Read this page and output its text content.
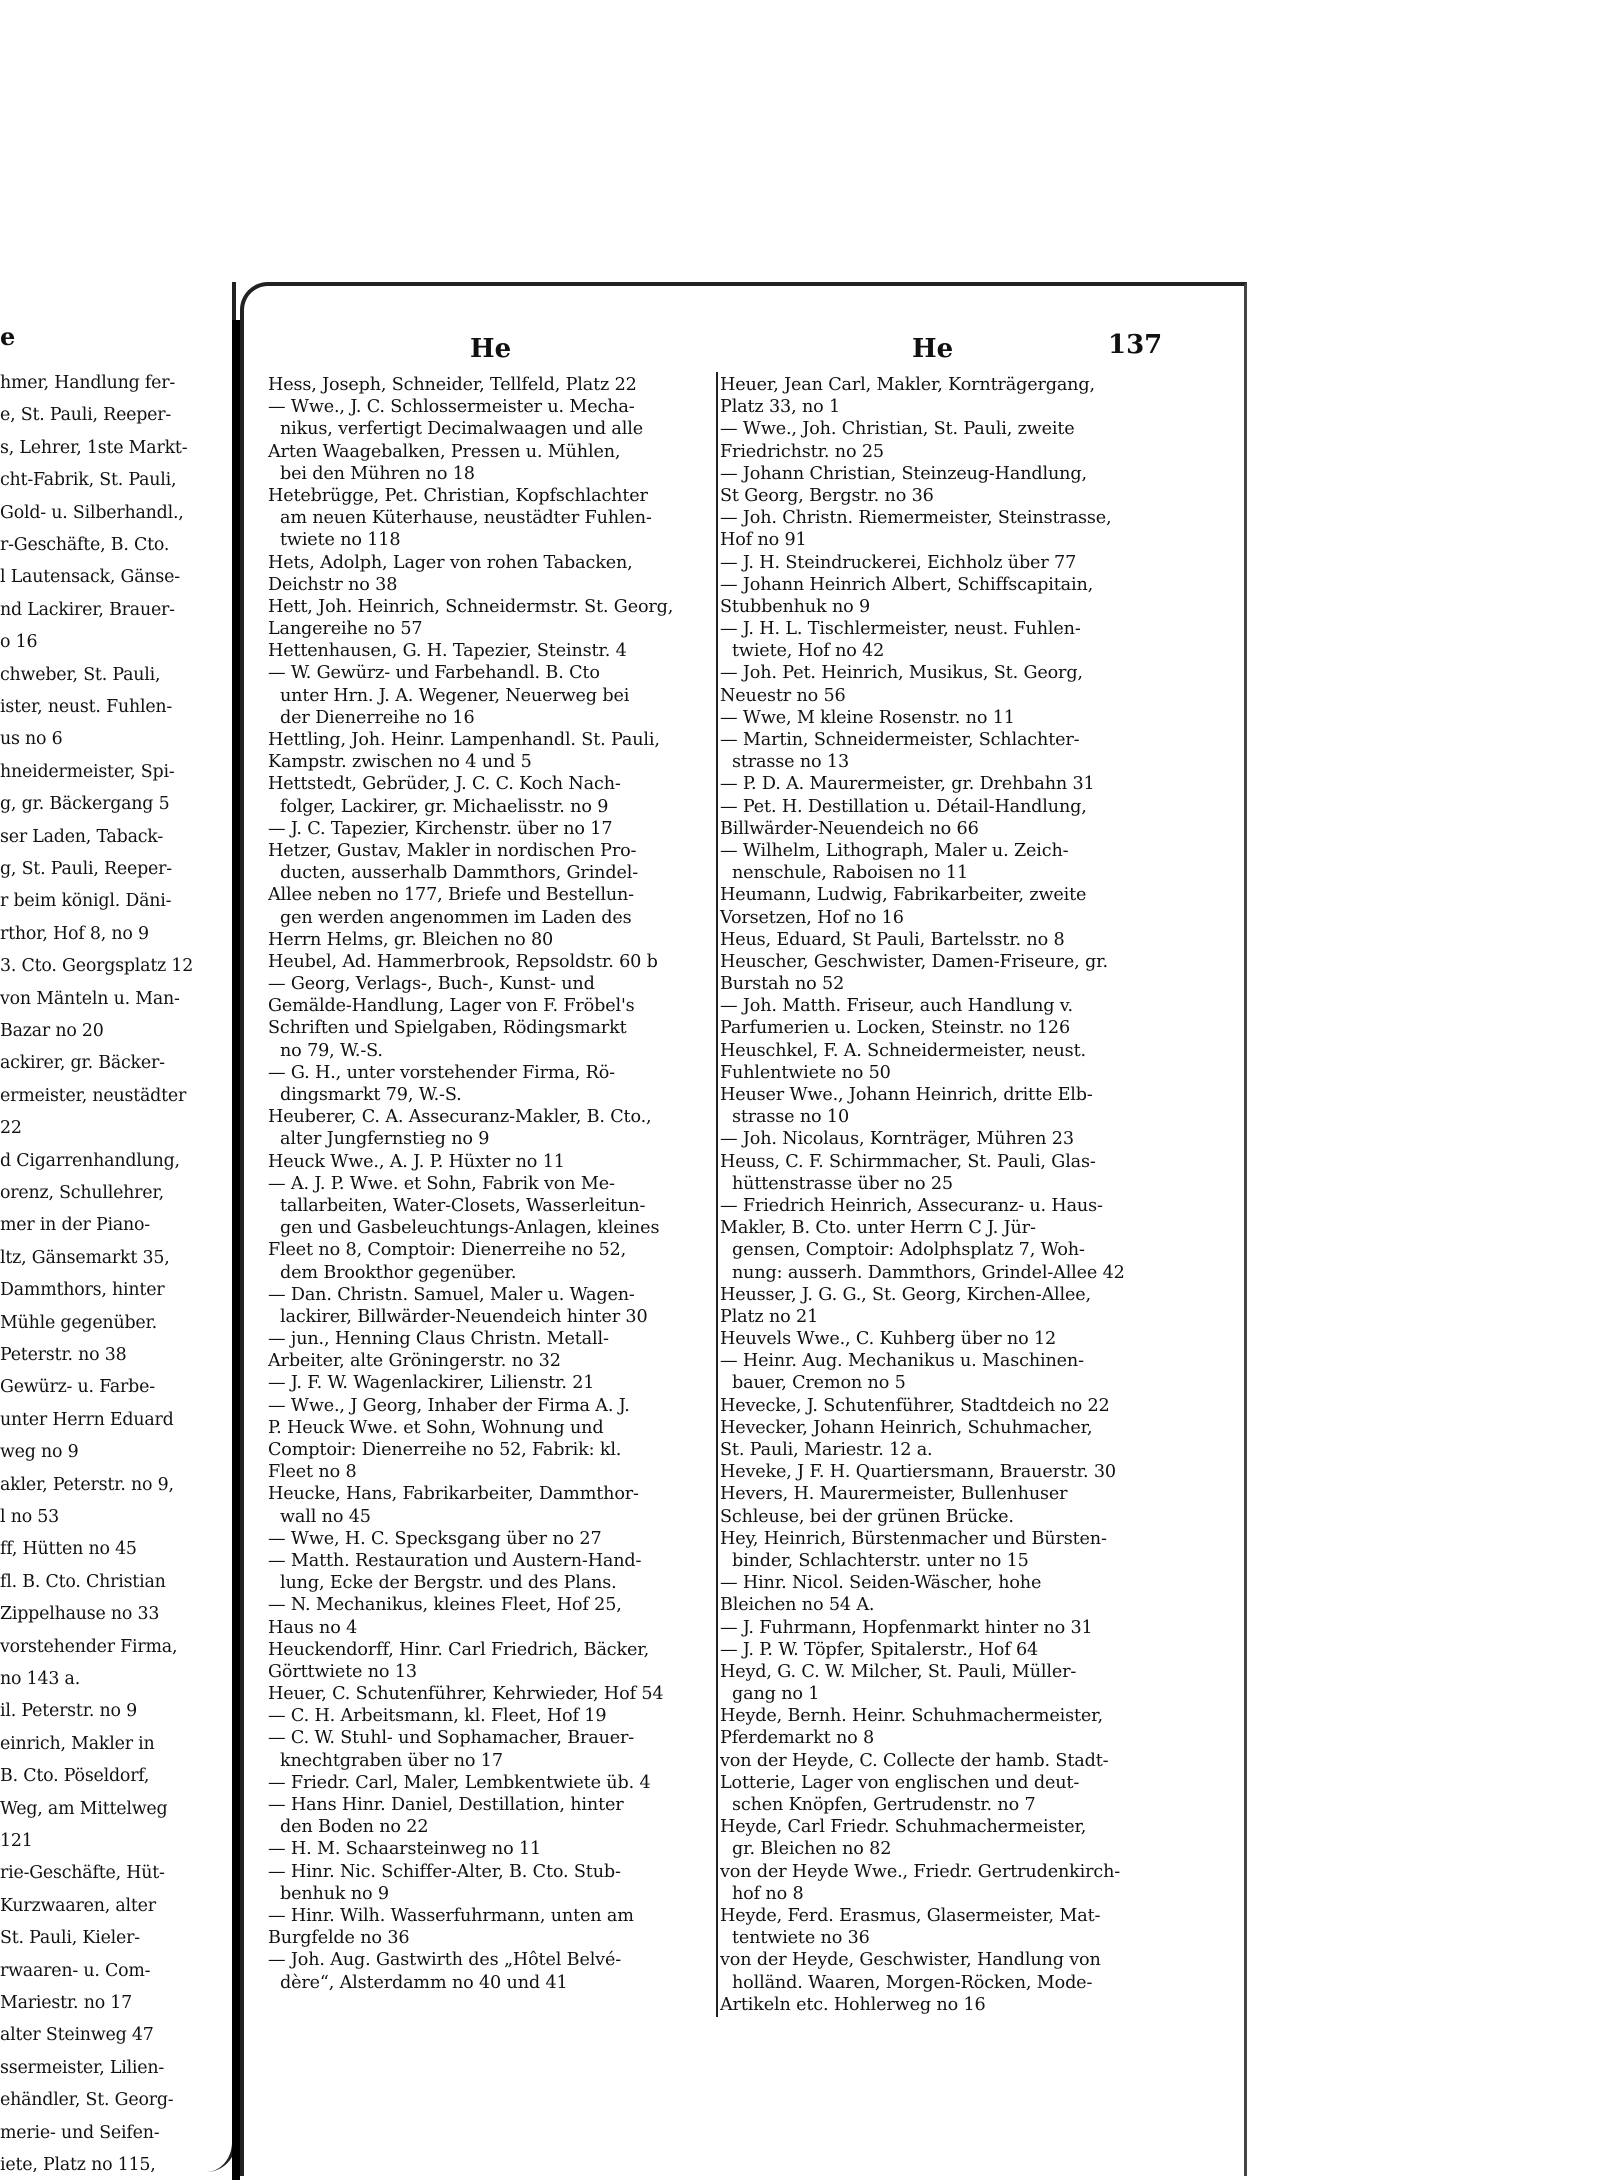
e
hmer, Handlung fer-
e, St. Pauli, Reeper-
s, Lehrer, 1ste Markt-
cht-Fabrik, St. Pauli,
Gold- u. Silberhandl.,
r-Geschäfte, B. Cto.
l Lautensack, Gänse-
nd Lackirer, Brauer-
o 16
chweber, St. Pauli,
ister, neust. Fuhlen-
us no 6
hneidermeister, Spi-
g, gr. Bäckergang 5
ser Laden, Taback-
g, St. Pauli, Reeper-
r beim königl. Däni-
rthor, Hof 8, no 9
3. Cto. Georgsplatz 12
von Mänteln u. Man-
Bazar no 20
ackirer, gr. Bäcker-
ermeister, neustädter
22
d Cigarrenhandlung,
orenz, Schullehrer,
mer in der Piano-
ltz, Gänsemarkt 35,
Dammthors, hinter
Mühle gegenüber.
Peterstr. no 38
Gewürz- u. Farbe-
unter Herrn Eduard
weg no 9
akler, Peterstr. no 9,
l no 53
ff, Hütten no 45
fl. B. Cto. Christian
Zippelhause no 33
vorstehender Firma,
no 143 a.
il. Peterstr. no 9
einrich, Makler in
B. Cto. Pöseldorf,
Weg, am Mittelweg
121
rie-Geschäfte, Hüt-
Kurzwaaren, alter
St. Pauli, Kieler-
rwaaren- u. Com-
Mariestr. no 17
alter Steinweg 47
ssermeister, Lilien-
ehändler, St. Georg-
merie- und Seifen-
iete, Platz no 115,
He	He	137
Hess, Joseph, Schneider, Tellfeld, Platz 22
— Wwe., J. C. Schlossermeister u. Mecha-
nikus, verfertigt Decimalwaagen und alle
Arten Waagebalken, Pressen u. Mühlen,
bei den Mühren no 18
Hetebrügge, Pet. Christian, Kopfschlachter
am neuen Küterhause, neustädter Fuhlen-
twiete no 118
Hets, Adolph, Lager von rohen Tabacken,
Deichstr no 38
Hett, Joh. Heinrich, Schneidermstr. St. Georg,
Langereihe no 57
Hettenhausen, G. H. Tapezier, Steinstr. 4
— W. Gewürz- und Farbehandl. B. Cto
unter Hrn. J. A. Wegener, Neuerweg bei
der Dienerreihe no 16
Hettling, Joh. Heinr. Lampenhandl. St. Pauli,
Kampstr. zwischen no 4 und 5
Hettstedt, Gebrüder, J. C. C. Koch Nach-
folger, Lackirer, gr. Michaelisstr. no 9
— J. C. Tapezier, Kirchenstr. über no 17
Hetzer, Gustav, Makler in nordischen Pro-
ducten, ausserhalb Dammthors, Grindel-
Allee neben no 177, Briefe und Bestellun-
gen werden angenommen im Laden des
Herrn Helms, gr. Bleichen no 80
Heubel, Ad. Hammerbrook, Repsoldstr. 60 b
— Georg, Verlags-, Buch-, Kunst- und
Gemälde-Handlung, Lager von F. Fröbel's
Schriften und Spielgaben, Rödingsmarkt
no 79, W.-S.
— G. H., unter vorstehender Firma, Rö-
dingsmarkt 79, W.-S.
Heuberer, C. A. Assecuranz-Makler, B. Cto.,
alter Jungfernstieg no 9
Heuck Wwe., A. J. P. Hüxter no 11
— A. J. P. Wwe. et Sohn, Fabrik von Me-
tallarbeiten, Water-Closets, Wasserleitun-
gen und Gasbeleuchtungs-Anlagen, kleines
Fleet no 8, Comptoir: Dienerreihe no 52,
dem Brookthor gegenüber.
— Dan. Christn. Samuel, Maler u. Wagen-
lackirer, Billwärder-Neuendeich hinter 30
— jun., Henning Claus Christn. Metall-
Arbeiter, alte Gröningerstr. no 32
— J. F. W. Wagenlackirer, Lilienstr. 21
— Wwe., J Georg, Inhaber der Firma A. J.
P. Heuck Wwe. et Sohn, Wohnung und
Comptoir: Dienerreihe no 52, Fabrik: kl.
Fleet no 8
Heucke, Hans, Fabrikarbeiter, Dammthor-
wall no 45
— Wwe, H. C. Specksgang über no 27
— Matth. Restauration und Austern-Hand-
lung, Ecke der Bergstr. und des Plans.
— N. Mechanikus, kleines Fleet, Hof 25,
Haus no 4
Heuckendorff, Hinr. Carl Friedrich, Bäcker,
Görttwiete no 13
Heuer, C. Schutenführer, Kehrwieder, Hof 54
— C. H. Arbeitsmann, kl. Fleet, Hof 19
— C. W. Stuhl- und Sophamacher, Brauer-
knechtgraben über no 17
— Friedr. Carl, Maler, Lembkentwiete üb. 4
— Hans Hinr. Daniel, Destillation, hinter
den Boden no 22
— H. M. Schaarsteinweg no 11
— Hinr. Nic. Schiffer-Alter, B. Cto. Stub-
benhuk no 9
— Hinr. Wilh. Wasserfuhrmann, unten am
Burgfelde no 36
— Joh. Aug. Gastwirth des „Hôtel Belvé-
dère“, Alsterdamm no 40 und 41
Heuer, Jean Carl, Makler, Kornträgergang,
Platz 33, no 1
— Wwe., Joh. Christian, St. Pauli, zweite
Friedrichstr. no 25
— Johann Christian, Steinzeug-Handlung,
St Georg, Bergstr. no 36
— Joh. Christn. Riemermeister, Steinstrasse,
Hof no 91
— J. H. Steindruckerei, Eichholz über 77
— Johann Heinrich Albert, Schiffscapitain,
Stubbenhuk no 9
— J. H. L. Tischlermeister, neust. Fuhlen-
twiete, Hof no 42
— Joh. Pet. Heinrich, Musikus, St. Georg,
Neuestr no 56
— Wwe, M kleine Rosenstr. no 11
— Martin, Schneidermeister, Schlachter-
strasse no 13
— P. D. A. Maurermeister, gr. Drehbahn 31
— Pet. H. Destillation u. Détail-Handlung,
Billwärder-Neuendeich no 66
— Wilhelm, Lithograph, Maler u. Zeich-
nenschule, Raboisen no 11
Heumann, Ludwig, Fabrikarbeiter, zweite
Vorsetzen, Hof no 16
Heus, Eduard, St Pauli, Bartelsstr. no 8
Heuscher, Geschwister, Damen-Friseure, gr.
Burstah no 52
— Joh. Matth. Friseur, auch Handlung v.
Parfumerien u. Locken, Steinstr. no 126
Heuschkel, F. A. Schneidermeister, neust.
Fuhlentwiete no 50
Heuser Wwe., Johann Heinrich, dritte Elb-
strasse no 10
— Joh. Nicolaus, Kornträger, Mühren 23
Heuss, C. F. Schirmmacher, St. Pauli, Glas-
hüttenstrasse über no 25
— Friedrich Heinrich, Assecuranz- u. Haus-
Makler, B. Cto. unter Herrn C J. Jür-
gensen, Comptoir: Adolphsplatz 7, Woh-
nung: ausserh. Dammthors, Grindel-Allee 42
Heusser, J. G. G., St. Georg, Kirchen-Allee,
Platz no 21
Heuvels Wwe., C. Kuhberg über no 12
— Heinr. Aug. Mechanikus u. Maschinen-
bauer, Cremon no 5
Hevecke, J. Schutenführer, Stadtdeich no 22
Hevecker, Johann Heinrich, Schuhmacher,
St. Pauli, Mariestr. 12 a.
Heveke, J F. H. Quartiersmann, Brauerstr. 30
Hevers, H. Maurermeister, Bullenhuser
Schleuse, bei der grünen Brücke.
Hey, Heinrich, Bürstenmacher und Bürsten-
binder, Schlachterstr. unter no 15
— Hinr. Nicol. Seiden-Wäscher, hohe
Bleichen no 54 A.
— J. Fuhrmann, Hopfenmarkt hinter no 31
— J. P. W. Töpfer, Spitalerstr., Hof 64
Heyd, G. C. W. Milcher, St. Pauli, Müller-
gang no 1
Heyde, Bernh. Heinr. Schuhmachermeister,
Pferdemarkt no 8
von der Heyde, C. Collecte der hamb. Stadt-
Lotterie, Lager von englischen und deut-
schen Knöpfen, Gertrudenstr. no 7
Heyde, Carl Friedr. Schuhmachermeister,
gr. Bleichen no 82
von der Heyde Wwe., Friedr. Gertrudenkirch-
hof no 8
Heyde, Ferd. Erasmus, Glasermeister, Mat-
tentwiete no 36
von der Heyde, Geschwister, Handlung von
holländ. Waaren, Morgen-Röcken, Mode-
Artikeln etc. Hohlerweg no 16
